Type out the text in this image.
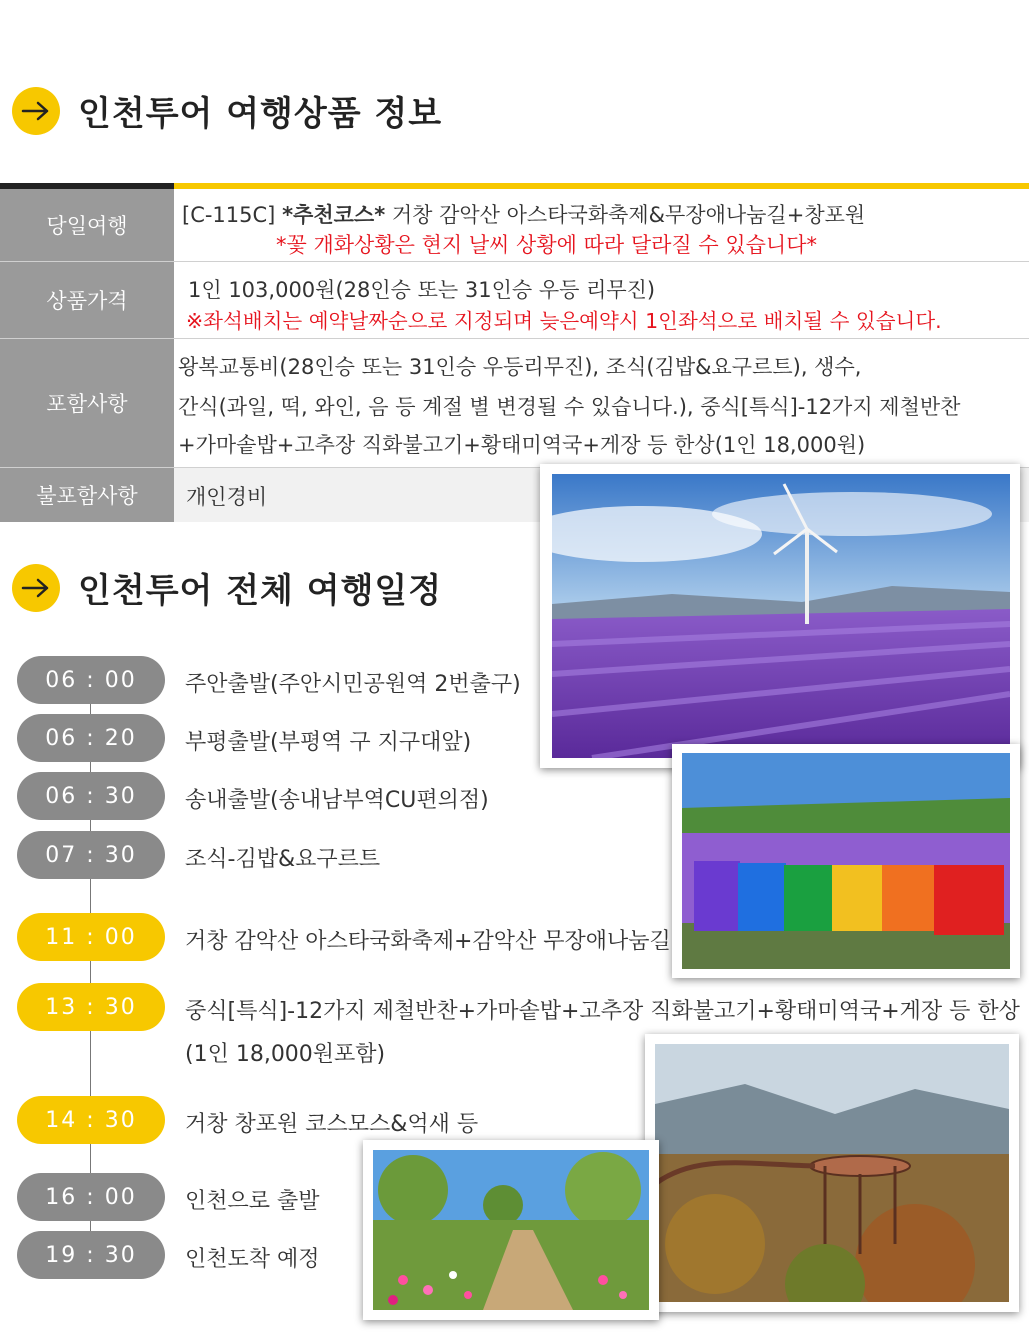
인천투어 여행상품 정보
당일여행	[C-115C] *추천코스* 거창 감악산 아스타국화축제&무장애나눔길+창포원
*꽃 개화상황은 현지 날씨 상황에 따라 달라질 수 있습니다*
상품가격	1인 103,000원(28인승 또는 31인승 우등 리무진)
※좌석배치는 예약날짜순으로 지정되며 늦은예약시 1인좌석으로 배치될 수 있습니다.
포함사항
왕복교통비(28인승 또는 31인승 우등리무진), 조식(김밥&요구르트), 생수,
간식(과일, 떡, 와인, 음 등 계절 별 변경될 수 있습니다.), 중식[특식]-12가지 제철반찬
+가마솥밥+고추장 직화불고기+황태미역국+게장 등 한상(1인 18,000원)
불포함사항	개인경비
인천투어 전체 여행일정
06 : 00 주안출발(주안시민공원역 2번출구)
06 : 20 부평출발(부평역 구 지구대앞)
06 : 30 송내출발(송내남부역CU편의점)
07 : 30 조식-김밥&요구르트
11 : 00 거창 감악산 아스타국화축제+감악산 무장애나눔길
13 : 30 중식[특식]-12가지 제철반찬+가마솥밥+고추장 직화불고기+황태미역국+게장 등 한상
(1인 18,000원포함)
14 : 30 거창 창포원 코스모스&억새 등
16 : 00 인천으로 출발
19 : 30 인천도착 예정
